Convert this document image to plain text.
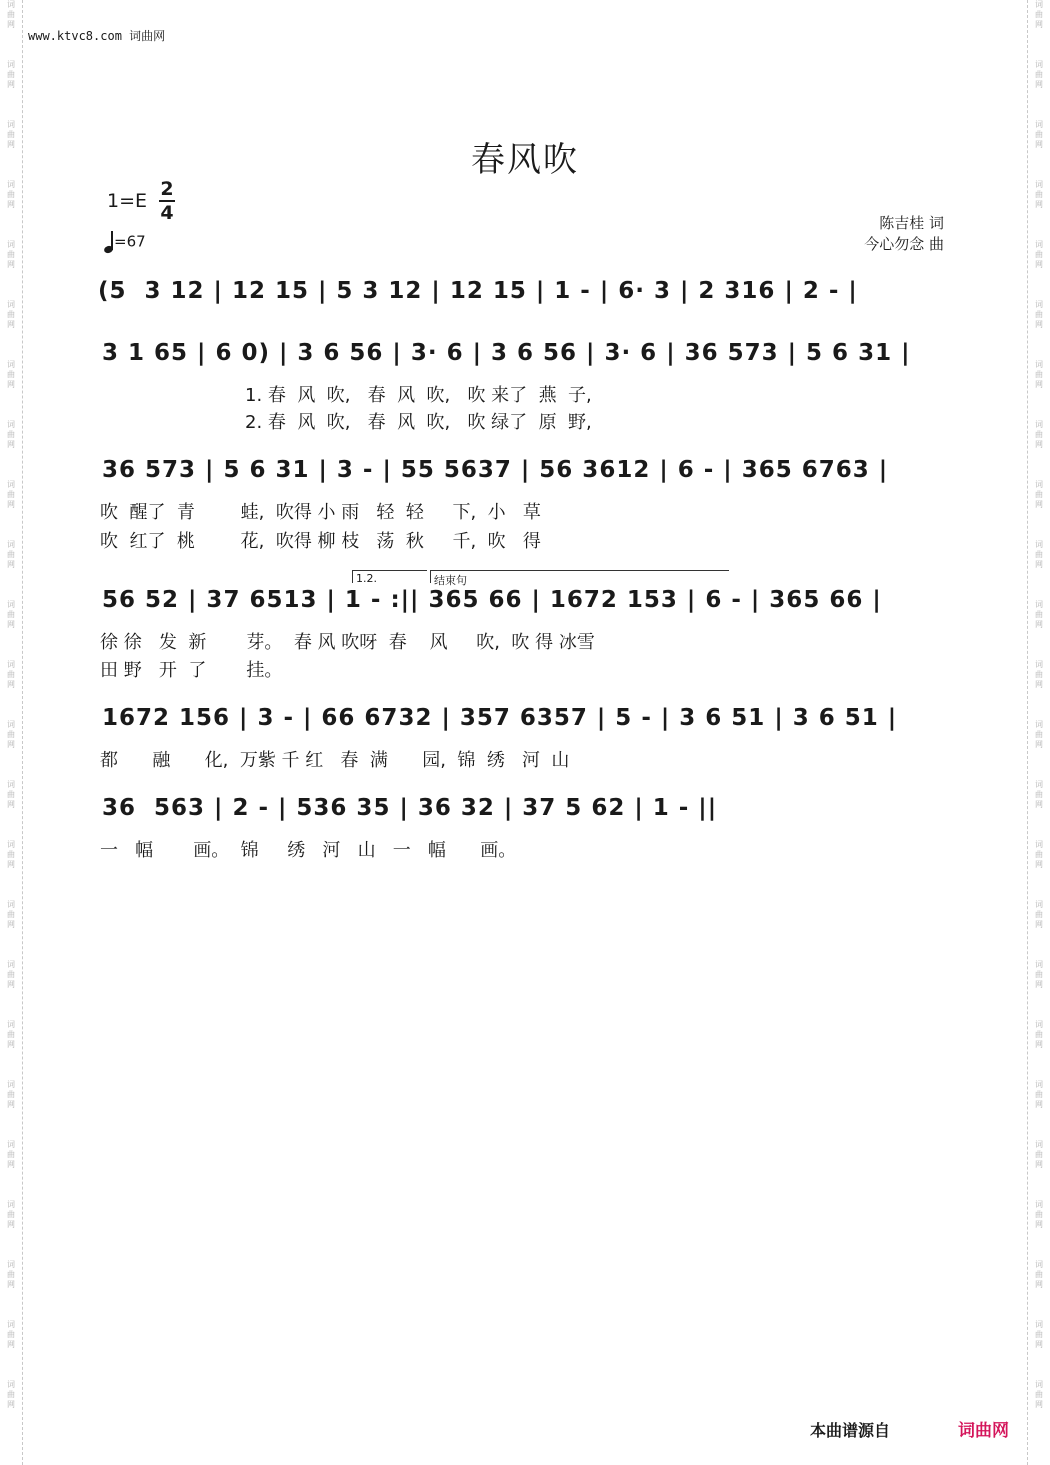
词
曲
网
词
曲
网
词
曲
网
词
曲
网
词
曲
网
词
曲
网
词
曲
网
词
曲
网
词
曲
网
词
曲
网
词
曲
网
词
曲
网
词
曲
网
词
曲
网
词
曲
网
词
曲
网
词
曲
网
词
曲
网
词
曲
网
词
曲
网
词
曲
网
词
曲
网
词
曲
网
词
曲
网
词
曲
网
词
曲
网
词
曲
网
词
曲
网
词
曲
网
词
曲
网
词
曲
网
词
曲
网
词
曲
网
词
曲
网
词
曲
网
词
曲
网
词
曲
网
词
曲
网
词
曲
网
词
曲
网
词
曲
网
词
曲
网
词
曲
网
词
曲
网
词
曲
网
词
曲
网
词
曲
网
词
曲
网
www.ktvc8.com 词曲网
春风吹
1=E
2
4
=67
陈吉桂 词
今心勿念 曲
(5  3 12 | 12 15 | 5 3 12 | 12 15 | 1 - | 6· 3 | 2 316 | 2 - |
3 1 65 | 6 0) | 3 6 56 | 3· 6 | 3 6 56 | 3· 6 | 36 573 | 5 6 31 |
1. 春  风  吹,   春  风  吹,   吹 来了  燕  子,
2. 春  风  吹,   春  风  吹,   吹 绿了  原  野,
36 573 | 5 6 31 | 3 - | 55 5637 | 56 3612 | 6 - | 365 6763 |
吹  醒了  青        蛙,  吹得 小 雨   轻  轻     下,  小   草
吹  红了  桃        花,  吹得 柳 枝   荡  秋     千,  吹   得
1.2.	结束句
56 52 | 37 6513 | 1 - :|| 365 66 | 1672 153 | 6 - | 365 66 |
徐 徐   发  新       芽。  春 风 吹呀  春    风     吹,  吹 得 冰雪
田 野   开  了       挂。
1672 156 | 3 - | 66 6732 | 357 6357 | 5 - | 3 6 51 | 3 6 51 |
都      融      化,  万紫 千 红   春  满      园,  锦  绣   河  山
36  563 | 2 - | 536 35 | 36 32 | 37 5 62 | 1 - ||
一   幅       画。  锦     绣   河   山   一   幅      画。
本曲谱源自	词曲网
